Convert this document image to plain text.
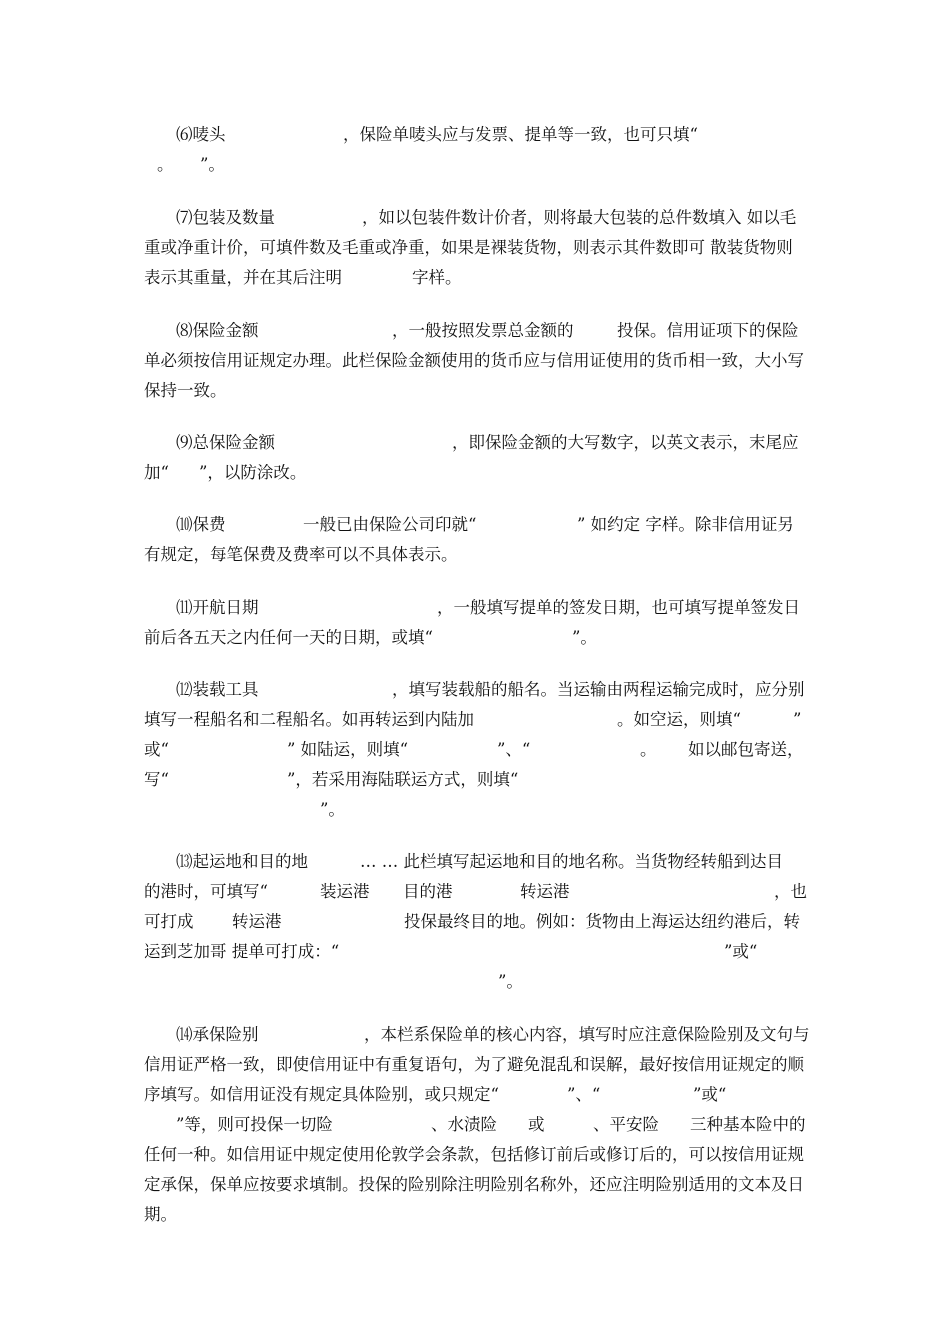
⑹唛头	，保险单唛头应与发票、提单等一致，也可只填“
。 ”。
⑺包装及数量	，如以包装件数计价者，则将最大包装的总件数填入 如以毛
重或净重计价，可填件数及毛重或净重，如果是裸装货物，则表示其件数即可 散装货物则
表示其重量，并在其后注明	字样。
⑻保险金额	，一般按照发票总金额的	投保。信用证项下的保险
单必须按信用证规定办理。此栏保险金额使用的货币应与信用证使用的货币相一致，大小写
保持一致。
⑼总保险金额	，即保险金额的大写数字，以英文表示，末尾应
加“ ”，以防涂改。
⑽保费	一般已由保险公司印就“	” 如约定 字样。除非信用证另
有规定，每笔保费及费率可以不具体表示。
⑾开航日期	，一般填写提单的签发日期，也可填写提单签发日
前后各五天之内任何一天的日期，或填“	”。
⑿装载工具	，填写装载船的船名。当运输由两程运输完成时，应分别
填写一程船名和二程船名。如再转运到内陆加	。如空运，则填“	”
或“	” 如陆运，则填“	”、“	。 如以邮包寄送，
写“	”，若采用海陆联运方式，则填“
”。
⒀起运地和目的地	… … 此栏填写起运地和目的地名称。当货物经转船到达目
的港时，可填写“	装运港 目的港	转运港	，也
可打成 转运港	投保最终目的地。例如：货物由上海运达纽约港后，转
运到芝加哥 提单可打成：“	”或“
”。
⒁承保险别	，本栏系保险单的核心内容，填写时应注意保险险别及文句与
信用证严格一致，即使信用证中有重复语句，为了避免混乱和误解，最好按信用证规定的顺
序填写。如信用证没有规定具体险别，或只规定“	”、“	”或“
”等，则可投保一切险	、水渍险 或	、平安险 三种基本险中的
任何一种。如信用证中规定使用伦敦学会条款，包括修订前后或修订后的，可以按信用证规
定承保，保单应按要求填制。投保的险别除注明险别名称外，还应注明险别适用的文本及日
期。
